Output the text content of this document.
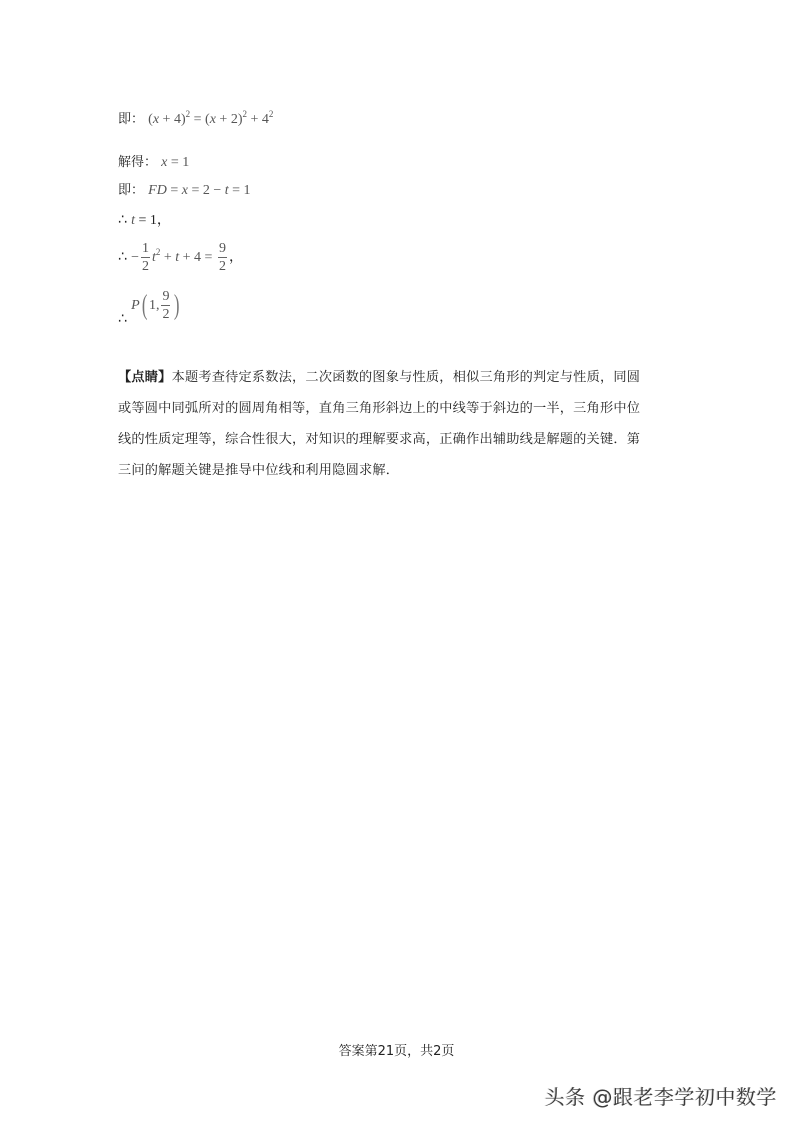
即： $(x + 4)^2 = (x + 2)^2 + 4^2$
解得： x = 1
即： FD = x = 2 − t = 1
∴ t = 1，
∴ − $\frac{1}{2} t^2 + t + 4 = \frac{9}{2}$ ，
∴ P( 1, $\frac{9}{2}$ )
【点睛】本题考查待定系数法，二次函数的图象与性质，相似三角形的判定与性质，同圆
或等圆中同弧所对的圆周角相等，直角三角形斜边上的中线等于斜边的一半，三角形中位
线的性质定理等，综合性很大，对知识的理解要求高，正确作出辅助线是解题的关键．第
三问的解题关键是推导中位线和利用隐圆求解．
答案第21页，共2页
头条 @跟老李学初中数学
